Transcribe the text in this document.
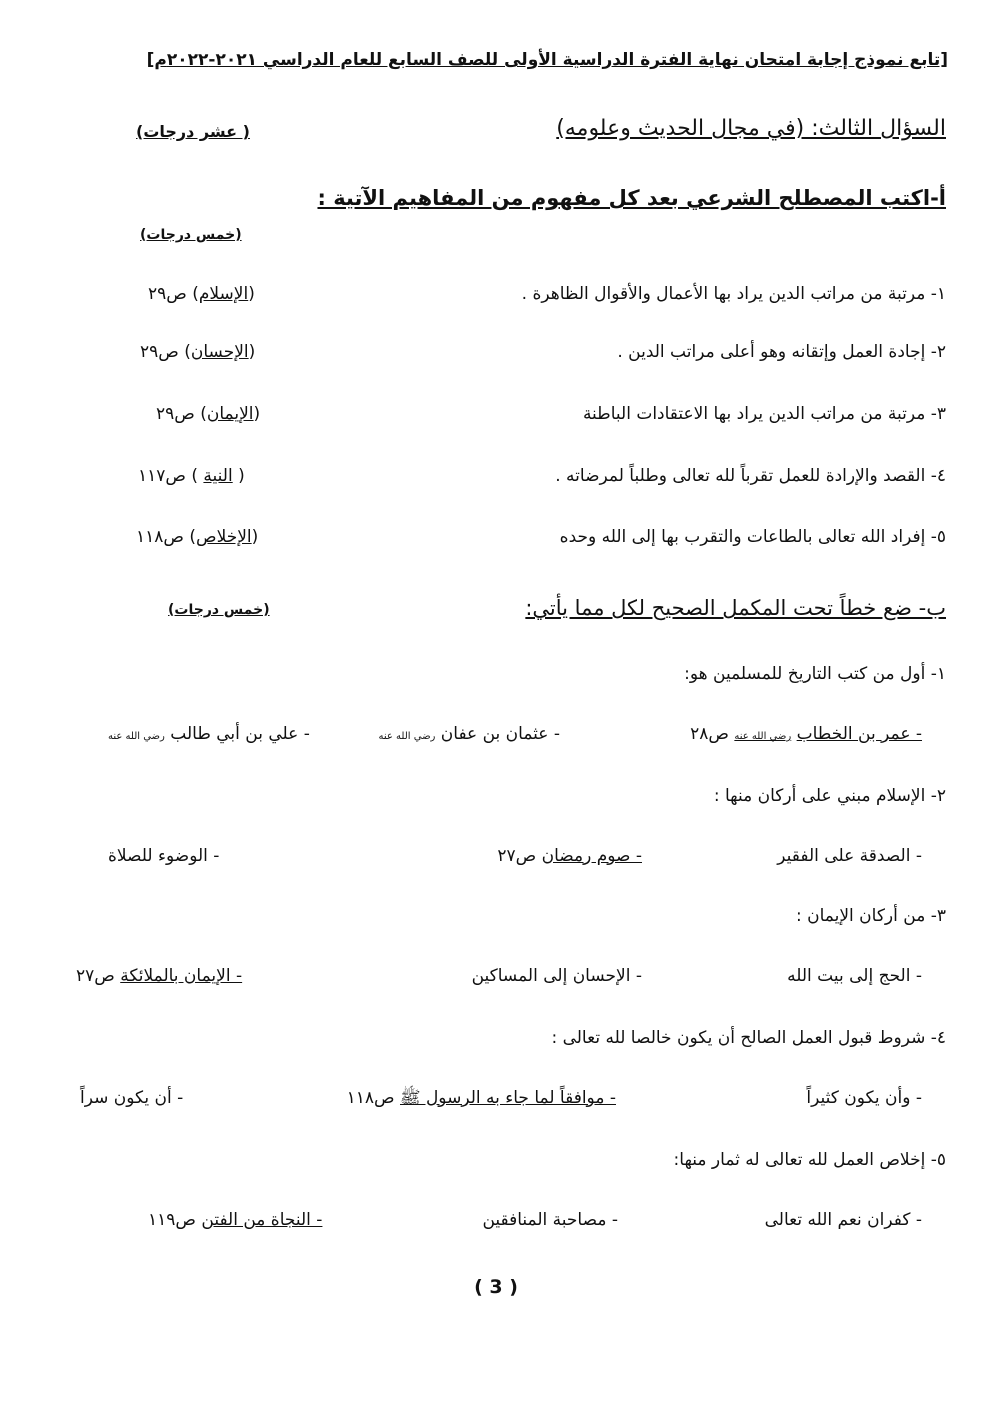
[تابع نموذج إجابة امتحان نهاية الفترة الدراسية الأولى للصف السابع للعام الدراسي ٢٠٢١-٢٠٢٢م]
السؤال الثالث: (في مجال الحديث وعلومه)
( عشر درجات)
أ-اكتب المصطلح الشرعي بعد كل مفهوم من المفاهيم الآتية :
(خمس درجات)
١- مرتبة من مراتب الدين يراد بها الأعمال والأقوال الظاهرة .
(الإسلام) ص٢٩
٢- إجادة العمل وإتقانه وهو أعلى مراتب الدين .
(الإحسان) ص٢٩
٣- مرتبة من مراتب الدين يراد بها الاعتقادات الباطنة
(الإيمان) ص٢٩
٤- القصد والإرادة للعمل تقرباً لله تعالى وطلباً لمرضاته .
( النية ) ص١١٧
٥- إفراد الله تعالى بالطاعات والتقرب بها إلى الله وحده
(الإخلاص) ص١١٨
ب- ضع خطاً تحت المكمل الصحيح لكل مما يأتي:
(خمس درجات)
١- أول من كتب التاريخ للمسلمين هو:
- عمر بن الخطاب رضي الله عنه ص٢٨
- عثمان بن عفان رضي الله عنه
- علي بن أبي طالب رضي الله عنه
٢- الإسلام مبني على أركان منها :
- الصدقة على الفقير
- صوم رمضان ص٢٧
- الوضوء للصلاة
٣- من أركان الإيمان :
- الحج إلى بيت الله
- الإحسان إلى المساكين
- الإيمان بالملائكة ص٢٧
٤- شروط قبول العمل الصالح أن يكون خالصا لله تعالى :
- وأن يكون كثيراً
- موافقاً لما جاء به الرسول ﷺ ص١١٨
- أن يكون سراً
٥- إخلاص العمل لله تعالى له ثمار منها:
- كفران نعم الله تعالى
- مصاحبة المنافقين
- النجاة من الفتن ص١١٩
( 3 )
